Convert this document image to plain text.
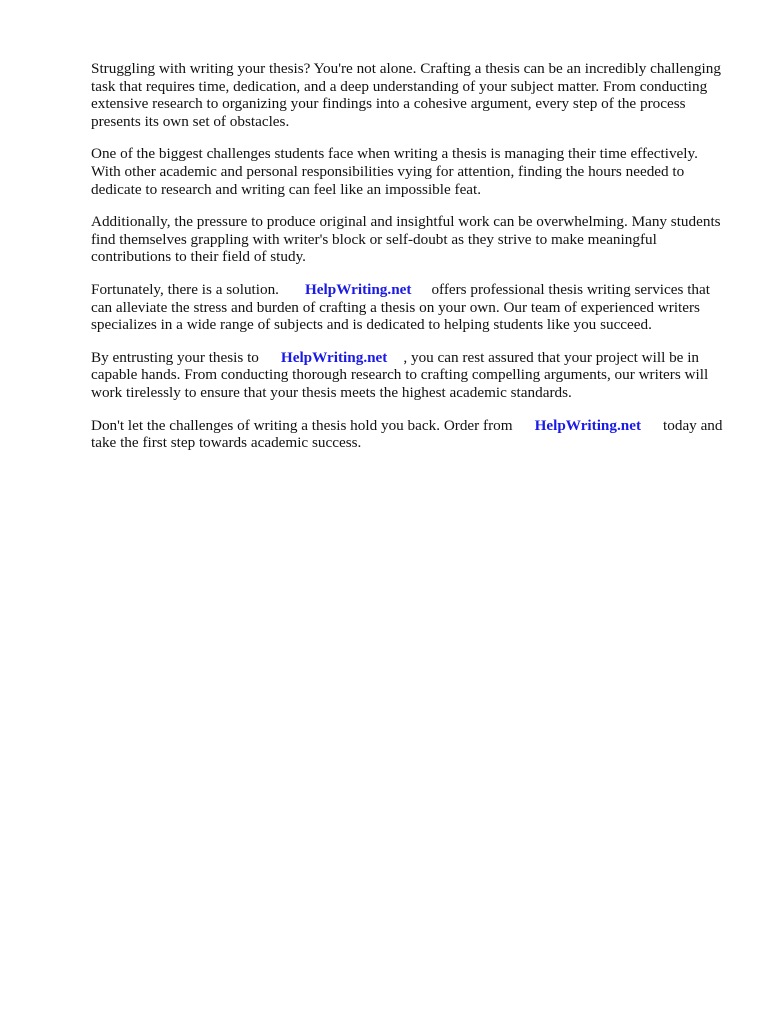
Struggling with writing your thesis? You're not alone. Crafting a thesis can be an incredibly challenging task that requires time, dedication, and a deep understanding of your subject matter. From conducting extensive research to organizing your findings into a cohesive argument, every step of the process presents its own set of obstacles.

One of the biggest challenges students face when writing a thesis is managing their time effectively. With other academic and personal responsibilities vying for attention, finding the hours needed to dedicate to research and writing can feel like an impossible feat.

Additionally, the pressure to produce original and insightful work can be overwhelming. Many students find themselves grappling with writer's block or self-doubt as they strive to make meaningful contributions to their field of study.

Fortunately, there is a solution. HelpWriting.net offers professional thesis writing services that can alleviate the stress and burden of crafting a thesis on your own. Our team of experienced writers specializes in a wide range of subjects and is dedicated to helping students like you succeed.

By entrusting your thesis to HelpWriting.net , you can rest assured that your project will be in capable hands. From conducting thorough research to crafting compelling arguments, our writers will work tirelessly to ensure that your thesis meets the highest academic standards.

Don't let the challenges of writing a thesis hold you back. Order from HelpWriting.net today and take the first step towards academic success.
